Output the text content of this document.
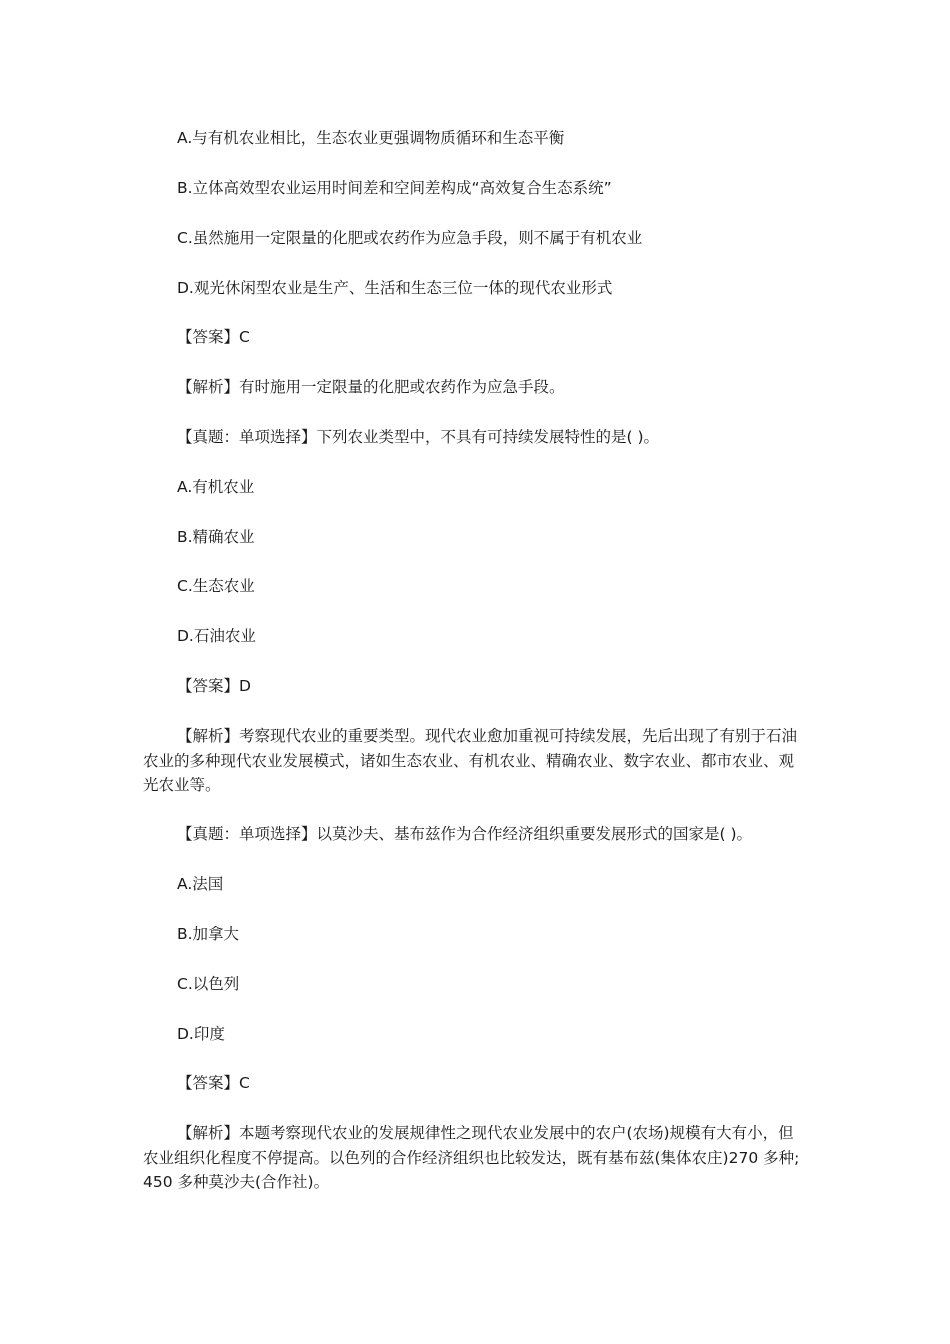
A.与有机农业相比，生态农业更强调物质循环和生态平衡

B.立体高效型农业运用时间差和空间差构成“高效复合生态系统”

C.虽然施用一定限量的化肥或农药作为应急手段，则不属于有机农业

D.观光休闲型农业是生产、生活和生态三位一体的现代农业形式

【答案】C

【解析】有时施用一定限量的化肥或农药作为应急手段。

【真题：单项选择】下列农业类型中，不具有可持续发展特性的是( )。

A.有机农业

B.精确农业

C.生态农业

D.石油农业

【答案】D

【解析】考察现代农业的重要类型。现代农业愈加重视可持续发展，先后出现了有别于石油农业的多种现代农业发展模式，诸如生态农业、有机农业、精确农业、数字农业、都市农业、观光农业等。

【真题：单项选择】以莫沙夫、基布兹作为合作经济组织重要发展形式的国家是( )。

A.法国

B.加拿大

C.以色列

D.印度

【答案】C

【解析】本题考察现代农业的发展规律性之现代农业发展中的农户(农场)规模有大有小，但农业组织化程度不停提高。以色列的合作经济组织也比较发达，既有基布兹(集体农庄)270 多种;450 多种莫沙夫(合作社)。
